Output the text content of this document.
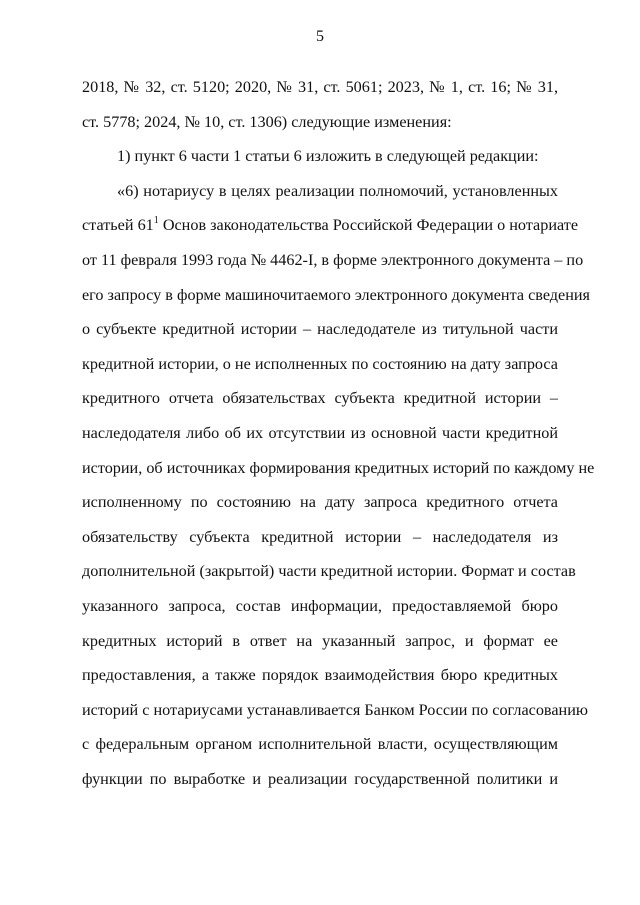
5
2018, № 32, ст. 5120; 2020, № 31, ст. 5061; 2023, № 1, ст. 16; № 31,
ст. 5778; 2024, № 10, ст. 1306) следующие изменения:
1) пункт 6 части 1 статьи 6 изложить в следующей редакции:
«6) нотариусу в целях реализации полномочий, установленных
статьей $61^1$ Основ законодательства Российской Федерации о нотариате
от 11 февраля 1993 года № 4462-I, в форме электронного документа – по
его запросу в форме машиночитаемого электронного документа сведения
о субъекте кредитной истории – наследодателе из титульной части
кредитной истории, о не исполненных по состоянию на дату запроса
кредитного отчета обязательствах субъекта кредитной истории –
наследодателя либо об их отсутствии из основной части кредитной
истории, об источниках формирования кредитных историй по каждому не
исполненному по состоянию на дату запроса кредитного отчета
обязательству субъекта кредитной истории – наследодателя из
дополнительной (закрытой) части кредитной истории. Формат и состав
указанного запроса, состав информации, предоставляемой бюро
кредитных историй в ответ на указанный запрос, и формат ее
предоставления, а также порядок взаимодействия бюро кредитных
историй с нотариусами устанавливается Банком России по согласованию
с федеральным органом исполнительной власти, осуществляющим
функции по выработке и реализации государственной политики и
